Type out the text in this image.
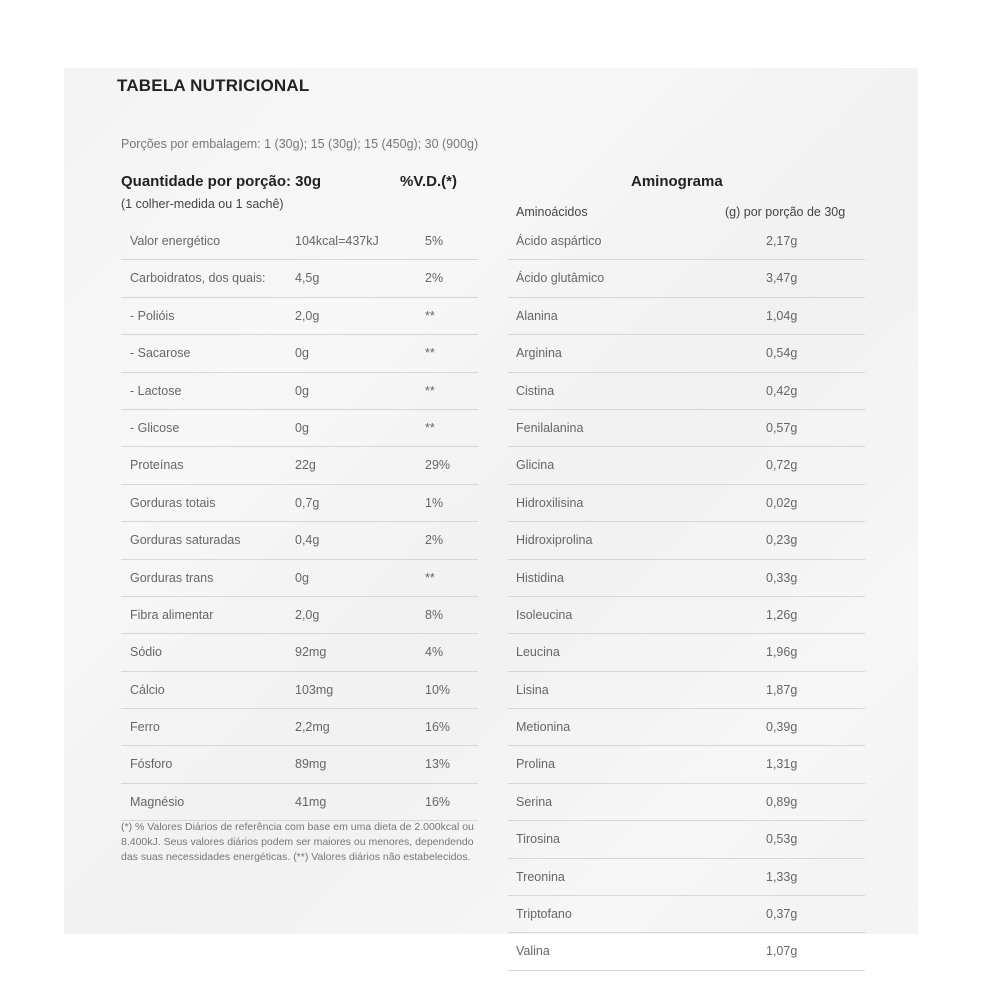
TABELA NUTRICIONAL
Porções por embalagem: 1 (30g); 15 (30g); 15 (450g); 30 (900g)
Quantidade por porção: 30g	%V.D.(*)
(1 colher-medida ou 1 sachê)
Valor energético	104kcal=437kJ	5%
Carboidratos, dos quais: 4,5g	2%
- Polióis	2,0g	**
- Sacarose	0g	**
- Lactose	0g	**
- Glicose	0g	**
Proteínas	22g	29%
Gorduras totais	0,7g	1%
Gorduras saturadas	0,4g	2%
Gorduras trans	0g	**
Fibra alimentar	2,0g	8%
Sódio	92mg	4%
Cálcio	103mg	10%
Ferro	2,2mg	16%
Fósforo	89mg	13%
Magnésio	41mg	16%
(*) % Valores Diários de referência com base em uma dieta de 2.000kcal ou 8.400kJ. Seus valores diários podem ser maiores ou menores, dependendo das suas necessidades energéticas. (**) Valores diários não estabelecidos.
Aminograma
Aminoácidos	(g) por porção de 30g
Ácido aspártico	2,17g
Ácido glutâmico	3,47g
Alanina	1,04g
Arginina	0,54g
Cistina	0,42g
Fenilalanina	0,57g
Glicina	0,72g
Hidroxilisina	0,02g
Hidroxiprolina	0,23g
Histidina	0,33g
Isoleucina	1,26g
Leucina	1,96g
Lisina	1,87g
Metionina	0,39g
Prolina	1,31g
Serina	0,89g
Tirosina	0,53g
Treonina	1,33g
Triptofano	0,37g
Valina	1,07g
